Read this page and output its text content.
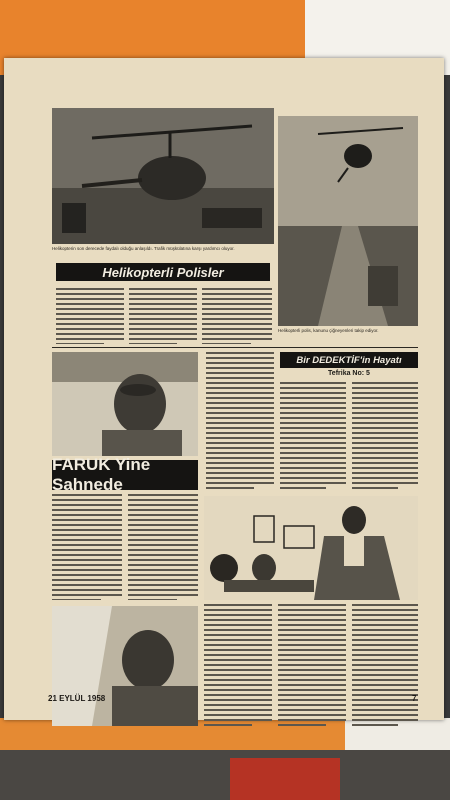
Helikopterin son derecede faydalı olduğu anlaşıldı. Trafik müşkülatına karşı yardımcı oluyor.
Helikopterli Polisler
Helikopterli polis, kanunu çiğneyenleri takip ediyor.
FARUK Yine Sahnede
Bir DEDEKTİF'in Hayatı
Tefrika No: 5
21 EYLÜL 1958	7
